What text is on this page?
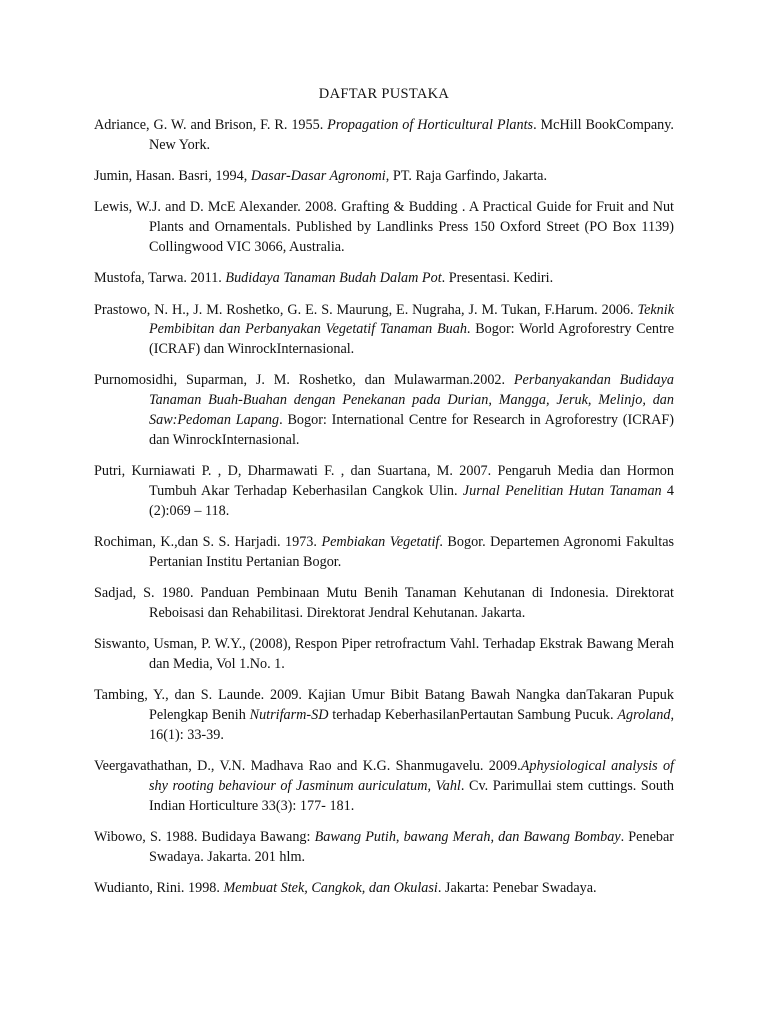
DAFTAR PUSTAKA
Adriance, G. W. and Brison, F. R. 1955. Propagation of Horticultural Plants. McHill BookCompany. New York.
Jumin, Hasan. Basri, 1994, Dasar-Dasar Agronomi, PT. Raja Garfindo, Jakarta.
Lewis, W.J. and D. McE Alexander. 2008. Grafting & Budding . A Practical Guide for Fruit and Nut Plants and Ornamentals. Published by Landlinks Press 150 Oxford Street (PO Box 1139) Collingwood VIC 3066, Australia.
Mustofa, Tarwa. 2011. Budidaya Tanaman Budah Dalam Pot. Presentasi. Kediri.
Prastowo, N. H., J. M. Roshetko, G. E. S. Maurung, E. Nugraha, J. M. Tukan, F.Harum. 2006. Teknik Pembibitan dan Perbanyakan Vegetatif Tanaman Buah. Bogor: World Agroforestry Centre (ICRAF) dan WinrockInternasional.
Purnomosidhi, Suparman, J. M. Roshetko, dan Mulawarman.2002. Perbanyakandan Budidaya Tanaman Buah-Buahan dengan Penekanan pada Durian, Mangga, Jeruk, Melinjo, dan Saw:Pedoman Lapang. Bogor: International Centre for Research in Agroforestry (ICRAF) dan WinrockInternasional.
Putri, Kurniawati P. , D, Dharmawati F. , dan Suartana, M. 2007. Pengaruh Media dan Hormon Tumbuh Akar Terhadap Keberhasilan Cangkok Ulin. Jurnal Penelitian Hutan Tanaman 4 (2):069 – 118.
Rochiman, K.,dan S. S. Harjadi. 1973. Pembiakan Vegetatif. Bogor. Departemen Agronomi Fakultas Pertanian Institu Pertanian Bogor.
Sadjad, S. 1980. Panduan Pembinaan Mutu Benih Tanaman Kehutanan di Indonesia. Direktorat Reboisasi dan Rehabilitasi. Direktorat Jendral Kehutanan. Jakarta.
Siswanto, Usman, P. W.Y., (2008), Respon Piper retrofractum Vahl. Terhadap Ekstrak Bawang Merah dan Media, Vol 1.No. 1.
Tambing, Y., dan S. Launde. 2009. Kajian Umur Bibit Batang Bawah Nangka danTakaran Pupuk Pelengkap Benih Nutrifarm-SD terhadap KeberhasilanPertautan Sambung Pucuk. Agroland, 16(1): 33-39.
Veergavathathan, D., V.N. Madhava Rao and K.G. Shanmugavelu. 2009.Aphysiological analysis of shy rooting behaviour of Jasminum auriculatum, Vahl. Cv. Parimullai stem cuttings. South Indian Horticulture 33(3): 177- 181.
Wibowo, S. 1988. Budidaya Bawang: Bawang Putih, bawang Merah, dan Bawang Bombay. Penebar Swadaya. Jakarta. 201 hlm.
Wudianto, Rini. 1998. Membuat Stek, Cangkok, dan Okulasi. Jakarta: Penebar Swadaya.
